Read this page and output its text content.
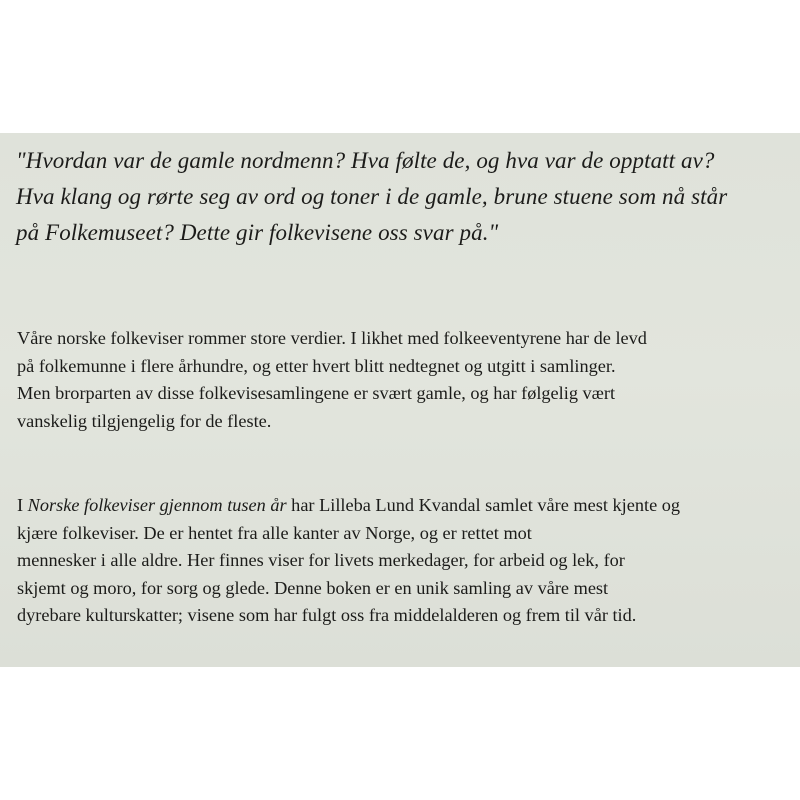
"Hvordan var de gamle nordmenn? Hva følte de, og hva var de opptatt av?
Hva klang og rørte seg av ord og toner i de gamle, brune stuene som nå står
på Folkemuseet? Dette gir folkevisene oss svar på."

Våre norske folkeviser rommer store verdier. I likhet med folkeeventyrene har de levd
på folkemunne i flere århundre, og etter hvert blitt nedtegnet og utgitt i samlinger.
Men brorparten av disse folkevisesamlingene er svært gamle, og har følgelig vært
vanskelig tilgjengelig for de fleste.

I Norske folkeviser gjennom tusen år har Lilleba Lund Kvandal samlet våre mest kjente og
kjære folkeviser. De er hentet fra alle kanter av Norge, og er rettet mot
mennesker i alle aldre. Her finnes viser for livets merkedager, for arbeid og lek, for
skjemt og moro, for sorg og glede. Denne boken er en unik samling av våre mest
dyrebare kulturskatter; visene som har fulgt oss fra middelalderen og frem til vår tid.
